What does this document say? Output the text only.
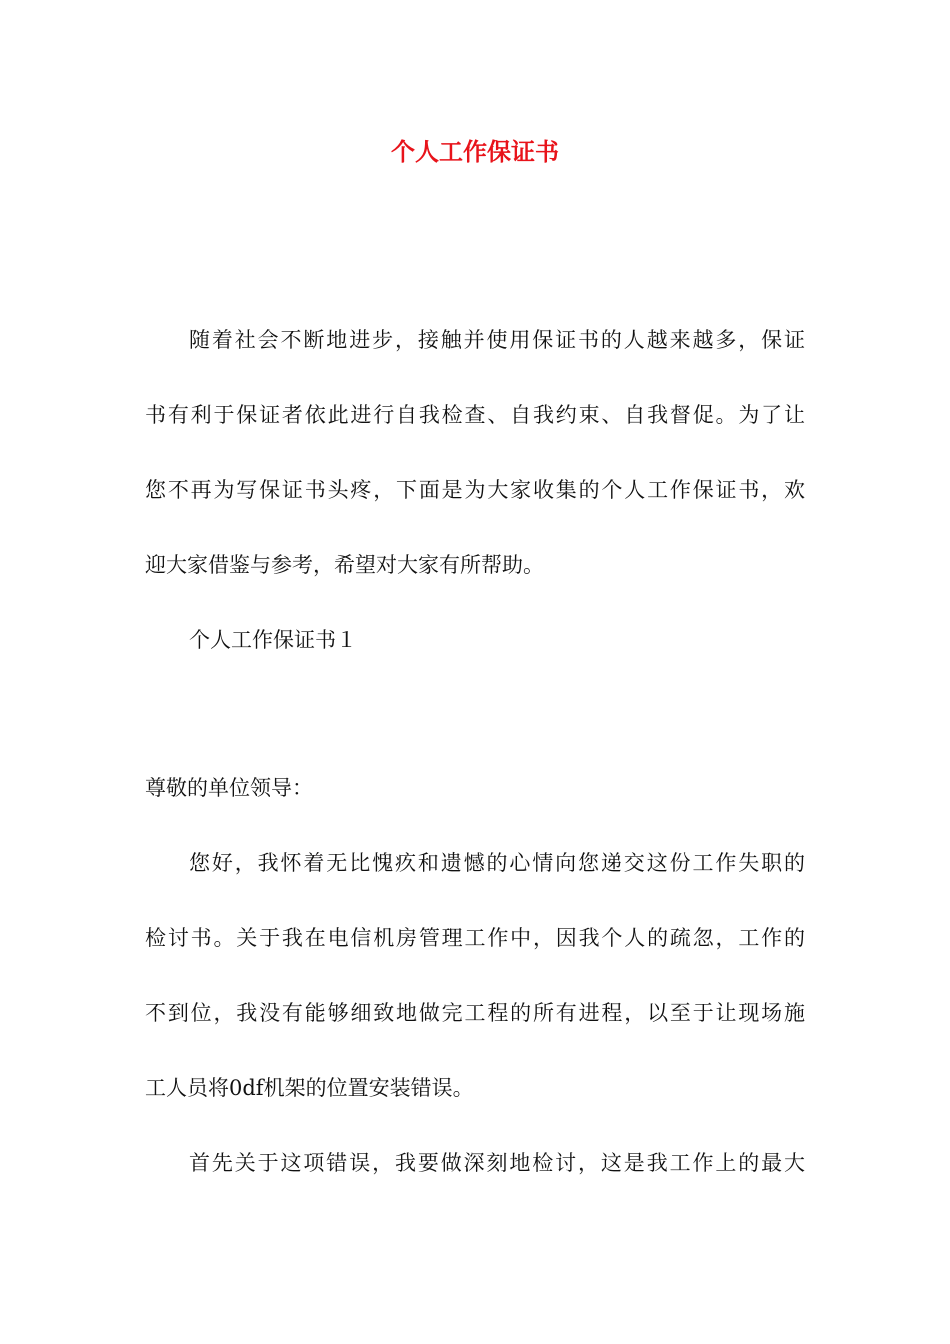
个人工作保证书

随着社会不断地进步，接触并使用保证书的人越来越多，保证

书有利于保证者依此进行自我检查、自我约束、自我督促。为了让

您不再为写保证书头疼，下面是为大家收集的个人工作保证书，欢

迎大家借鉴与参考，希望对大家有所帮助。

个人工作保证书１

尊敬的单位领导：

您好，我怀着无比愧疚和遗憾的心情向您递交这份工作失职的

检讨书。关于我在电信机房管理工作中，因我个人的疏忽，工作的

不到位，我没有能够细致地做完工程的所有进程，以至于让现场施

工人员将0df机架的位置安装错误。

首先关于这项错误，我要做深刻地检讨，这是我工作上的最大
